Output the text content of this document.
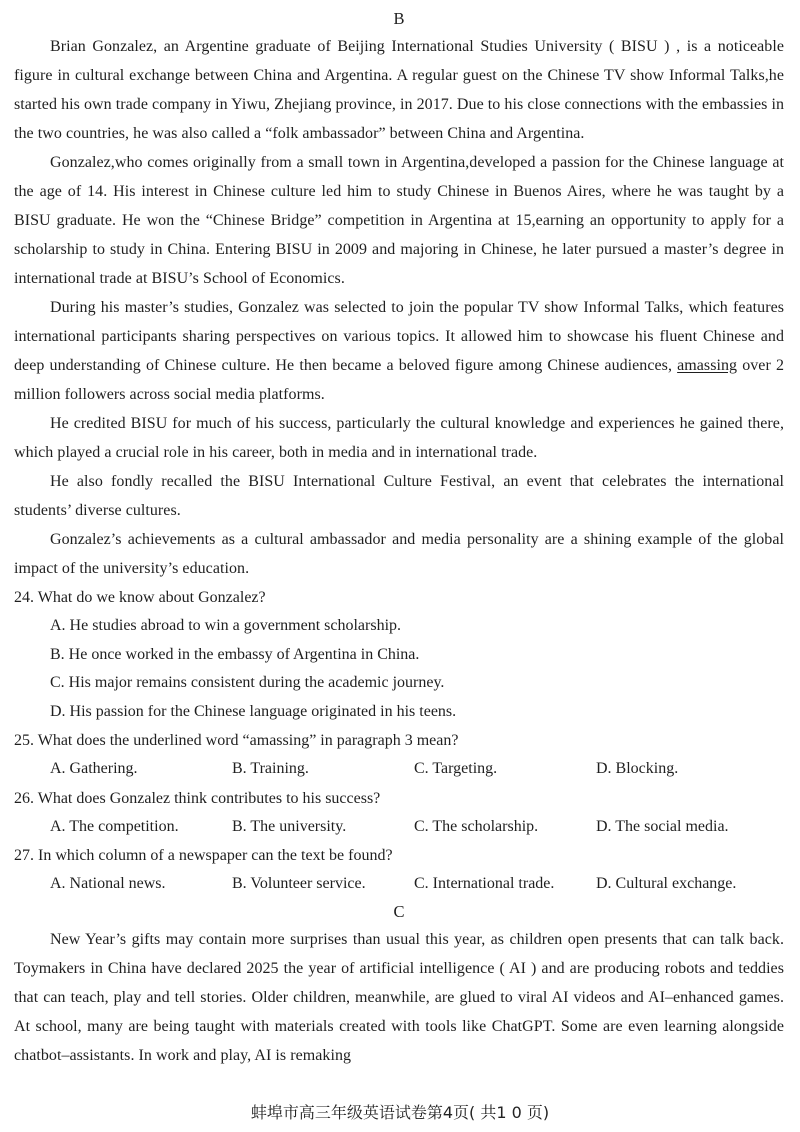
B

Brian Gonzalez, an Argentine graduate of Beijing International Studies University ( BISU ) , is a noticeable figure in cultural exchange between China and Argentina. A regular guest on the Chinese TV show Informal Talks,he started his own trade company in Yiwu, Zhejiang province, in 2017. Due to his close connections with the embassies in the two countries, he was also called a “folk ambassador” between China and Argentina.

Gonzalez,who comes originally from a small town in Argentina,developed a passion for the Chinese language at the age of 14. His interest in Chinese culture led him to study Chinese in Buenos Aires, where he was taught by a BISU graduate. He won the “Chinese Bridge” competition in Argentina at 15,earning an opportunity to apply for a scholarship to study in China. Entering BISU in 2009 and majoring in Chinese, he later pursued a master’s degree in international trade at BISU’s School of Economics.

During his master’s studies, Gonzalez was selected to join the popular TV show Informal Talks, which features international participants sharing perspectives on various topics. It allowed him to showcase his fluent Chinese and deep understanding of Chinese culture. He then became a beloved figure among Chinese audiences, amassing over 2 million followers across social media platforms.

He credited BISU for much of his success, particularly the cultural knowledge and experiences he gained there, which played a crucial role in his career, both in media and in international trade.

He also fondly recalled the BISU International Culture Festival, an event that celebrates the international students’ diverse cultures.

Gonzalez’s achievements as a cultural ambassador and media personality are a shining example of the global impact of the university’s education.

24. What do we know about Gonzalez?

A. He studies abroad to win a government scholarship.

B. He once worked in the embassy of Argentina in China.

C. His major remains consistent during the academic journey.

D. His passion for the Chinese language originated in his teens.

25. What does the underlined word “amassing” in paragraph 3 mean?

A. Gathering.	B. Training.	C. Targeting.	D. Blocking.

26. What does Gonzalez think contributes to his success?

A. The competition.	B. The university.	C. The scholarship.	D. The social media.

27. In which column of a newspaper can the text be found?

A. National news.	B. Volunteer service.	C. International trade.	D. Cultural exchange.

C

New Year’s gifts may contain more surprises than usual this year, as children open presents that can talk back. Toymakers in China have declared 2025 the year of artificial intelligence ( AI ) and are producing robots and teddies that can teach, play and tell stories. Older children, meanwhile, are glued to viral AI videos and AI–enhanced games. At school, many are being taught with materials created with tools like ChatGPT. Some are even learning alongside chatbot–assistants. In work and play, AI is remaking

蚌埠市高三年级英语试卷第4页( 共1 0 页)
